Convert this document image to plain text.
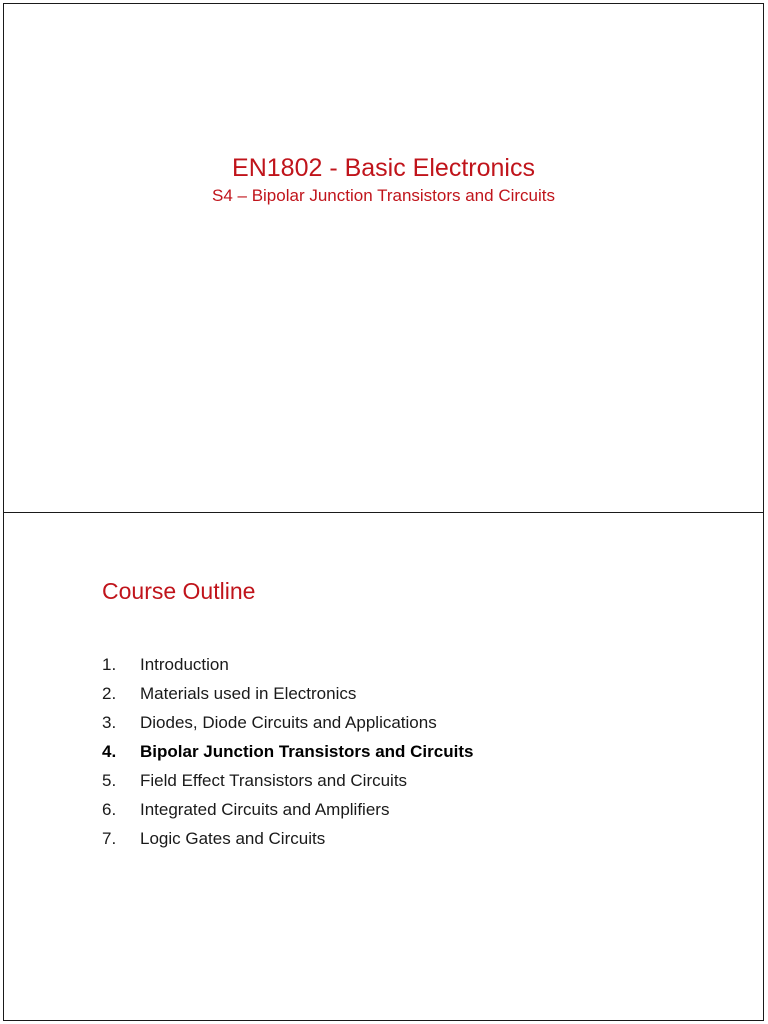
EN1802 - Basic Electronics
S4 – Bipolar Junction Transistors and Circuits
Course Outline
1.	Introduction
2.	Materials used in Electronics
3.	Diodes, Diode Circuits and Applications
4.	Bipolar Junction Transistors and Circuits
5.	Field Effect Transistors and Circuits
6.	Integrated Circuits and Amplifiers
7.	Logic Gates and Circuits
